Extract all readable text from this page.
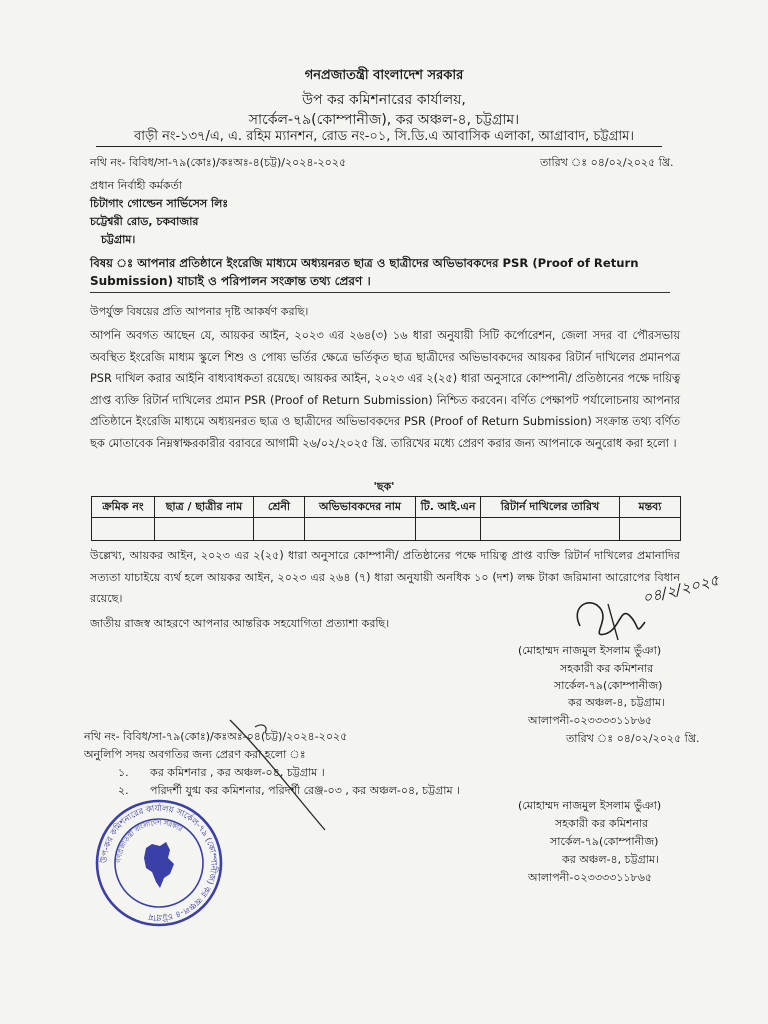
গনপ্রজাতন্ত্রী বাংলাদেশ সরকার
উপ কর কমিশনারের কার্যালয়,
সার্কেল-৭৯(কোম্পানীজ), কর অঞ্চল-৪, চট্টগ্রাম।
বাড়ী নং-১৩৭/এ, এ. রহিম ম্যানশন, রোড নং-০১, সি.ডি.এ আবাসিক এলাকা, আগ্রাবাদ, চট্টগ্রাম।
নথি নং- বিবিধ/সা-৭৯(কোঃ)/কঃঅঃ-৪(চট্ট)/২০২৪-২০২৫	তারিখ ঃ ০৪/০২/২০২৫ খ্রি.
প্রধান নির্বাহী কর্মকর্তা
চিটাগাং গোল্ডেন সার্ভিসেস লিঃ
চট্টেশ্বরী রোড, চকবাজার
চট্টগ্রাম।
বিষয় ঃ আপনার প্রতিষ্ঠানে ইংরেজি মাধ্যমে অধ্যয়নরত ছাত্র ও ছাত্রীদের অভিভাবকদের PSR (Proof of Return
Submission) যাচাই ও পরিপালন সংক্রান্ত তথ্য প্রেরণ ।
উপর্যুক্ত বিষয়ের প্রতি আপনার দৃষ্টি আকর্ষণ করছি।
আপনি অবগত আছেন যে, আয়কর আইন, ২০২৩ এর ২৬৪(৩) ১৬ ধারা অনুযায়ী সিটি কর্পোরেশন, জেলা সদর বা পৌরসভায় অবস্থিত ইংরেজি মাধ্যম স্কুলে শিশু ও পোষ্য ভর্তির ক্ষেত্রে ভর্তিকৃত ছাত্র ছাত্রীদের অভিভাবকদের আয়কর রিটার্ন দাখিলের প্রমানপত্র PSR দাখিল করার আইনি বাধ্যবাধকতা রয়েছে। আয়কর আইন, ২০২৩ এর ২(২৫) ধারা অনুসারে কোম্পানী/ প্রতিষ্ঠানের পক্ষে দায়িত্ব প্রাপ্ত ব্যক্তি রিটার্ন দাখিলের প্রমান PSR (Proof of Return Submission) নিশ্চিত করবেন। বর্ণিত পেক্ষাপট পর্যালোচনায় আপনার প্রতিষ্ঠানে ইংরেজি মাধ্যমে অধ্যয়নরত ছাত্র ও ছাত্রীদের অভিভাবকদের PSR (Proof of Return Submission) সংক্রান্ত তথ্য বর্ণিত ছক মোতাবেক নিম্নস্বাক্ষরকারীর বরাবরে আগামী ২৬/০২/২০২৫ খ্রি. তারিখের মধ্যে প্রেরণ করার জন্য আপনাকে অনুরোধ করা হলো ।
'ছক'
ক্রমিক নং	ছাত্র / ছাত্রীর নাম	শ্রেনী	অভিভাবকদের নাম	টি. আই.এন	রিটার্ন দাখিলের তারিখ	মন্তব্য

উল্লেখ্য, আয়কর আইন, ২০২৩ এর ২(২৫) ধারা অনুসারে কোম্পানী/ প্রতিষ্ঠানের পক্ষে দায়িত্ব প্রাপ্ত ব্যক্তি রিটার্ন দাখিলের প্রমানাদির সত্যতা যাচাইয়ে ব্যর্থ হলে আয়কর আইন, ২০২৩ এর ২৬৪ (৭) ধারা অনুযায়ী অনধিক ১০ (দশ) লক্ষ টাকা জরিমানা আরোপের বিধান রয়েছে।
জাতীয় রাজস্ব আহরণে আপনার আন্তরিক সহযোগিতা প্রত্যাশা করছি।
০৪/২/২০২৫
(মোহাম্মদ নাজমুল ইসলাম ভুঁঞা)
সহকারী কর কমিশনার
সার্কেল-৭৯(কোম্পানীজ)
কর অঞ্চল-৪, চট্টগ্রাম।
আলাপনী-০২৩৩৩৩১১৮৬৫
নথি নং- বিবিধ/সা-৭৯(কোঃ)/কঃঅঃ-০৪(চট্ট)/২০২৪-২০২৫	তারিখ ঃ ০৪/০২/২০২৫ খ্রি.
অনুলিপি সদয় অবগতির জন্য প্রেরণ করা হলো ঃ
১. কর কমিশনার , কর অঞ্চল-০৪, চট্টগ্রাম ।
২. পরিদর্শী যুগ্ম কর কমিশনার, পরিদর্শী রেঞ্জ-০৩ , কর অঞ্চল-০৪, চট্টগ্রাম ।
(মোহাম্মদ নাজমুল ইসলাম ভুঁঞা)
সহকারী কর কমিশনার
সার্কেল-৭৯(কোম্পানীজ)
কর অঞ্চল-৪, চট্টগ্রাম।
আলাপনী-০২৩৩৩৩১১৮৬৫
উপ-কর কমিশনারের কার্যালয় সার্কেল-৭৯ (কোম্পানীজ) কর অঞ্চল-৪ চট্টগ্রাম
গণপ্রজাতন্ত্রী বাংলাদেশ সরকার
